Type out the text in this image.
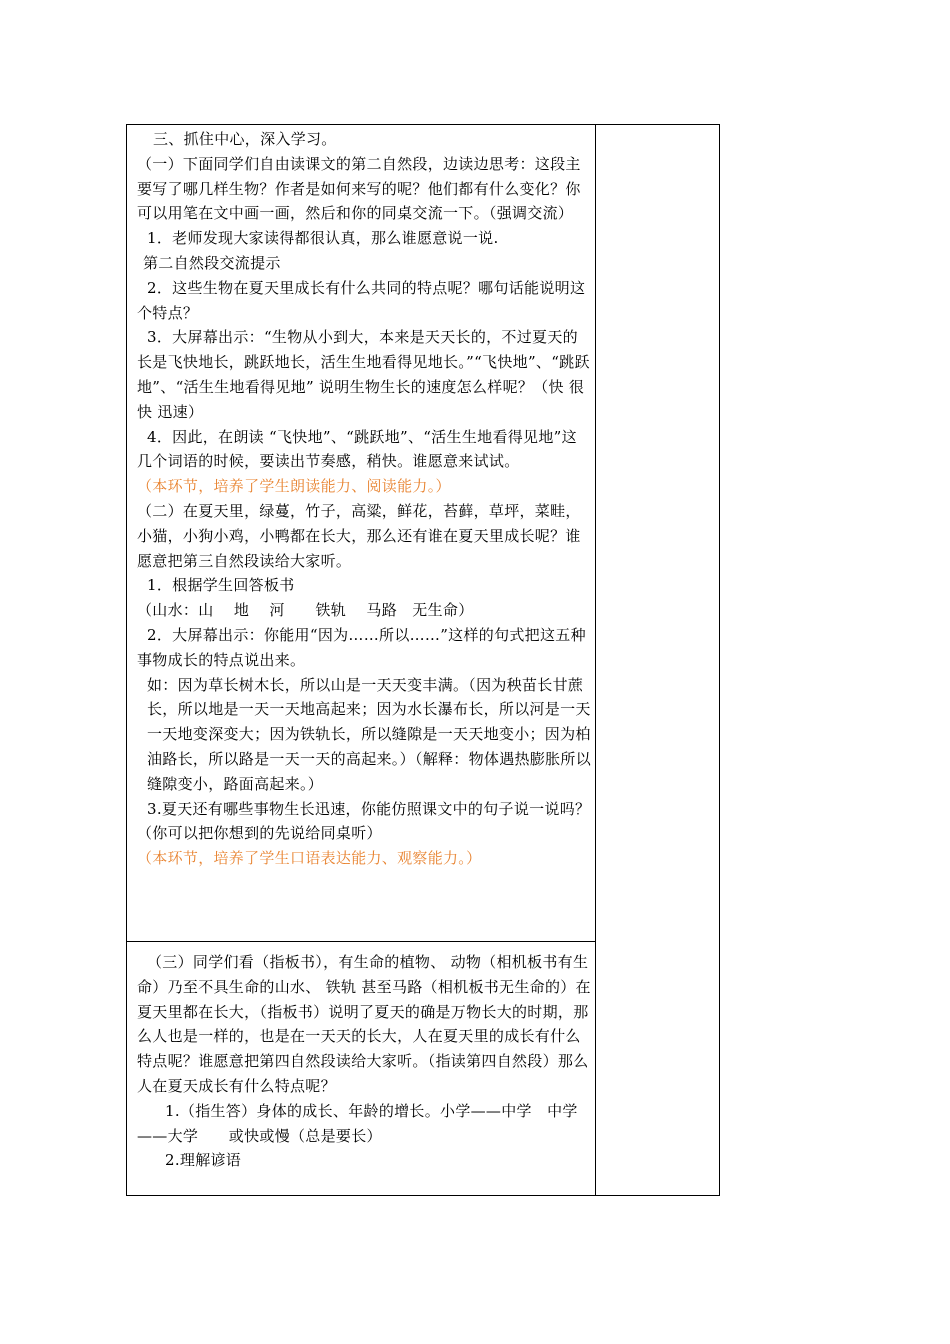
三、抓住中心，深入学习。

（一）下面同学们自由读课文的第二自然段，边读边思考：这段主要写了哪几样生物？作者是如何来写的呢？他们都有什么变化？你可以用笔在文中画一画，然后和你的同桌交流一下。（强调交流）

1．老师发现大家读得都很认真，那么谁愿意说一说.

第二自然段交流提示

2．这些生物在夏天里成长有什么共同的特点呢？哪句话能说明这个特点？

3．大屏幕出示：“生物从小到大，本来是天天长的，不过夏天的长是飞快地长，跳跃地长，活生生地看得见地长。”“飞快地”、“跳跃地”、“活生生地看得见地” 说明生物生长的速度怎么样呢？（快 很快 迅速）

4．因此，在朗读 “飞快地”、“跳跃地”、“活生生地看得见地”这几个词语的时候，要读出节奏感，稍快。谁愿意来试试。

（本环节，培养了学生朗读能力、阅读能力。）

（二）在夏天里，绿蔓，竹子，高粱，鲜花，苔藓，草坪，菜畦，小猫，小狗小鸡，小鸭都在长大，那么还有谁在夏天里成长呢？谁愿意把第三自然段读给大家听。

1．根据学生回答板书

（山水：山　 地　 河　　铁轨　 马路　无生命）

2．大屏幕出示：你能用“因为……所以……”这样的句式把这五种事物成长的特点说出来。

如：因为草长树木长，所以山是一天天变丰满。（因为秧苗长甘蔗长，所以地是一天一天地高起来；因为水长瀑布长，所以河是一天一天地变深变大；因为铁轨长，所以缝隙是一天天地变小；因为柏油路长，所以路是一天一天的高起来。）（解释：物体遇热膨胀所以缝隙变小，路面高起来。）

3.夏天还有哪些事物生长迅速，你能仿照课文中的句子说一说吗？（你可以把你想到的先说给同桌听）

（本环节，培养了学生口语表达能力、观察能力。）

（三）同学们看（指板书），有生命的植物、 动物（相机板书有生命）乃至不具生命的山水、 铁轨 甚至马路（相机板书无生命的）在夏天里都在长大，（指板书）说明了夏天的确是万物长大的时期，那么人也是一样的，也是在一天天的长大，人在夏天里的成长有什么特点呢？谁愿意把第四自然段读给大家听。（指读第四自然段）那么人在夏天成长有什么特点呢？

1.（指生答）身体的成长、年龄的增长。小学——中学　中学——大学　　或快或慢（总是要长）

2.理解谚语
